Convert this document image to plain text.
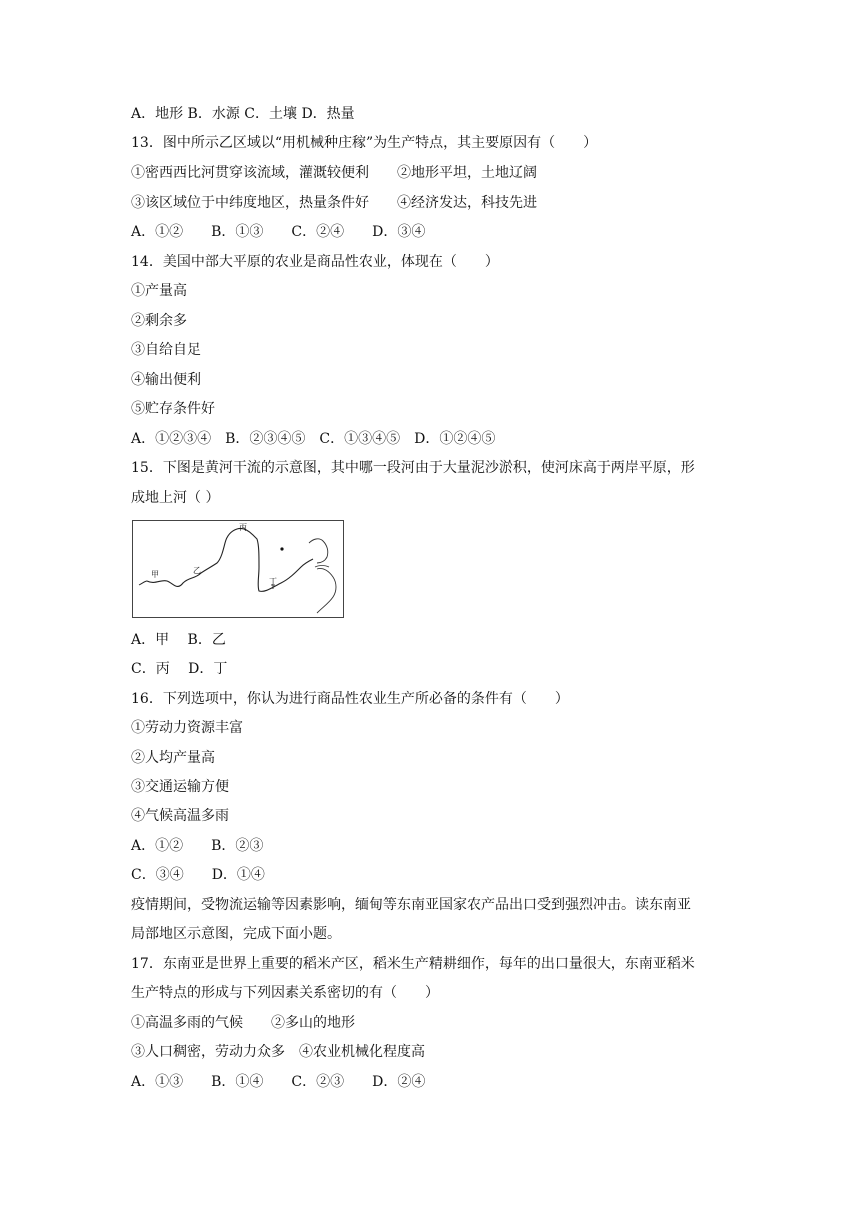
A．地形 B．水源 C．土壤 D．热量
13．图中所示乙区域以“用机械种庄稼”为生产特点，其主要原因有（　　）
①密西西比河贯穿该流域，灌溉较便利　　②地形平坦，土地辽阔
③该区域位于中纬度地区，热量条件好　　④经济发达，科技先进
A．①②　　B．①③　　C．②④　　D．③④
14．美国中部大平原的农业是商品性农业，体现在（　　）
①产量高
②剩余多
③自给自足
④输出便利
⑤贮存条件好
A．①②③④　B．②③④⑤　C．①③④⑤　D．①②④⑤
15．下图是黄河干流的示意图，其中哪一段河由于大量泥沙淤积，使河床高于两岸平原，形
成地上河（ ）
丙
乙
甲
丁
A．甲　 B．乙
C．丙　 D．丁
16．下列选项中，你认为进行商品性农业生产所必备的条件有（　　）
①劳动力资源丰富
②人均产量高
③交通运输方便
④气候高温多雨
A．①②　　B．②③
C．③④　　D．①④
疫情期间，受物流运输等因素影响，缅甸等东南亚国家农产品出口受到强烈冲击。读东南亚
局部地区示意图，完成下面小题。
17．东南亚是世界上重要的稻米产区，稻米生产精耕细作，每年的出口量很大，东南亚稻米
生产特点的形成与下列因素关系密切的有（　　）
①高温多雨的气候　　②多山的地形
③人口稠密，劳动力众多　④农业机械化程度高
A．①③　　B．①④　　C．②③　　D．②④
